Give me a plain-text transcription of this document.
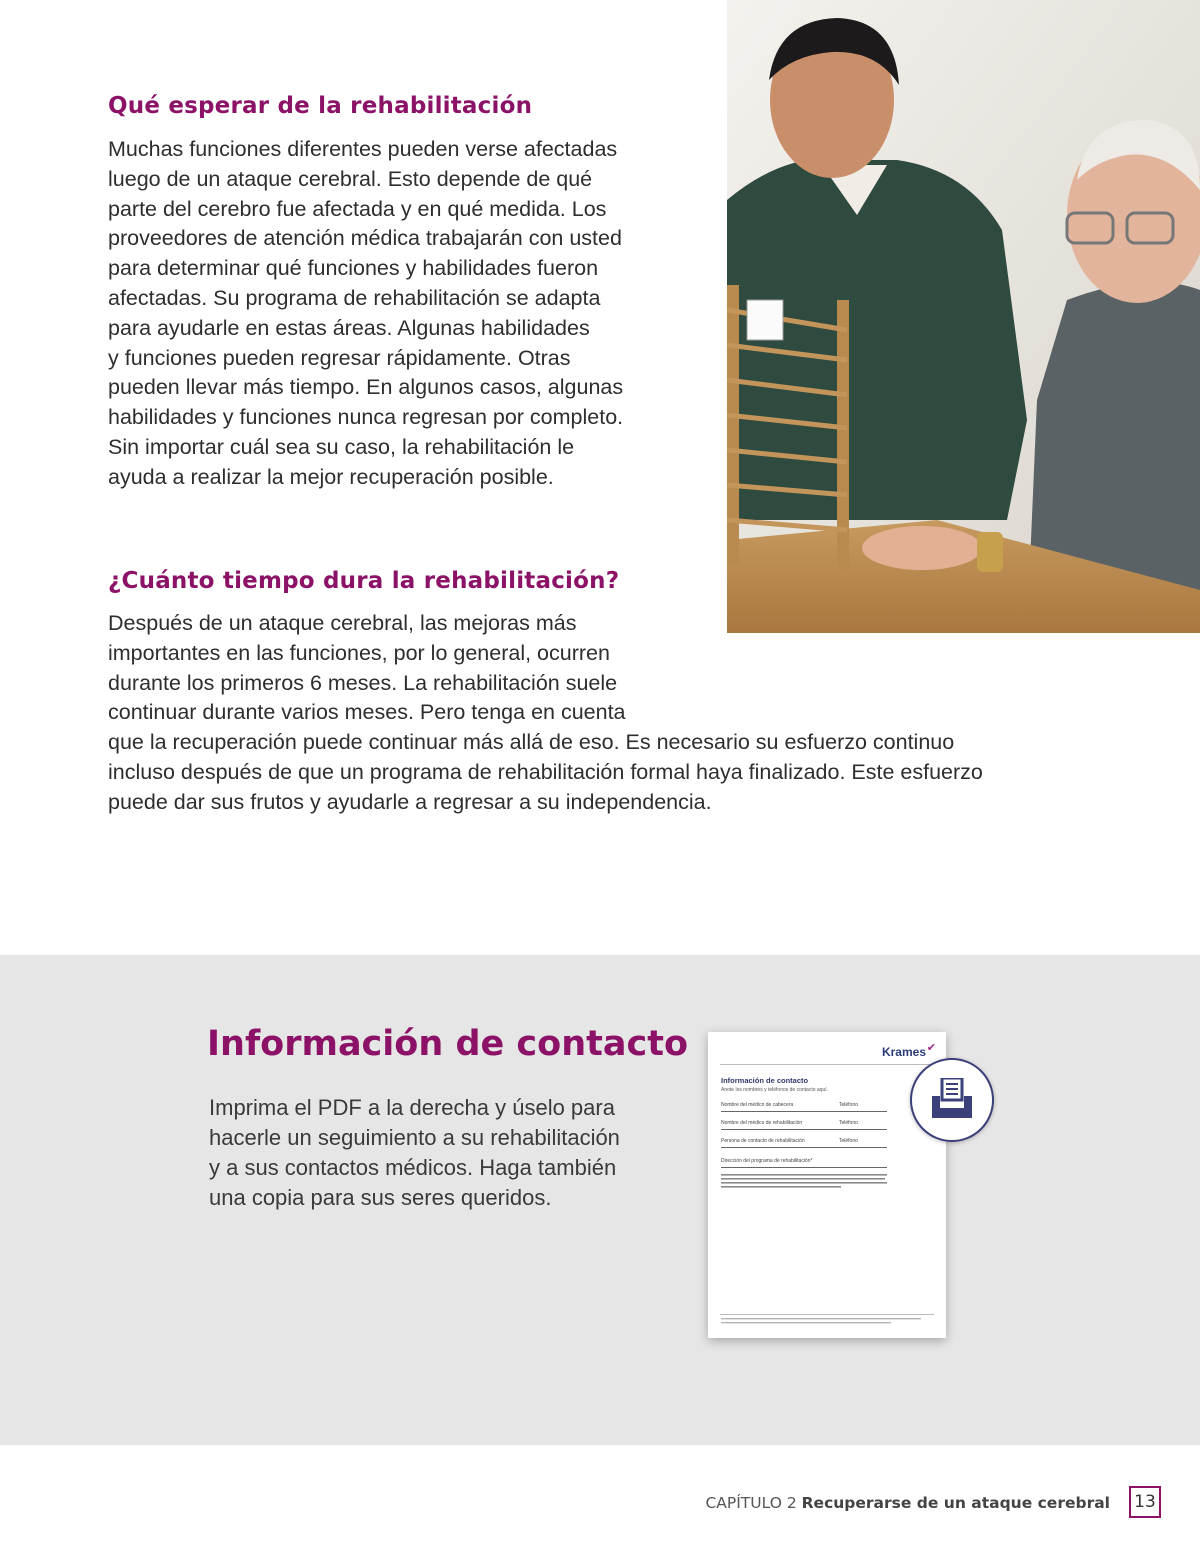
Qué esperar de la rehabilitación
Muchas funciones diferentes pueden verse afectadas
luego de un ataque cerebral. Esto depende de qué
parte del cerebro fue afectada y en qué medida. Los
proveedores de atención médica trabajarán con usted
para determinar qué funciones y habilidades fueron
afectadas. Su programa de rehabilitación se adapta
para ayudarle en estas áreas. Algunas habilidades
y funciones pueden regresar rápidamente. Otras
pueden llevar más tiempo. En algunos casos, algunas
habilidades y funciones nunca regresan por completo.
Sin importar cuál sea su caso, la rehabilitación le
ayuda a realizar la mejor recuperación posible.
¿Cuánto tiempo dura la rehabilitación?
Después de un ataque cerebral, las mejoras más
importantes en las funciones, por lo general, ocurren
durante los primeros 6 meses. La rehabilitación suele
continuar durante varios meses. Pero tenga en cuenta
que la recuperación puede continuar más allá de eso. Es necesario su esfuerzo continuo
incluso después de que un programa de rehabilitación formal haya finalizado. Este esfuerzo
puede dar sus frutos y ayudarle a regresar a su independencia.
Información de contacto
Imprima el PDF a la derecha y úselo para
hacerle un seguimiento a su rehabilitación
y a sus contactos médicos. Haga también
una copia para sus seres queridos.
Krames ✔
Información de contacto
Anote los nombres y teléfonos de contacto aquí.
Nombre del médico de cabecera	Teléfono
Nombre del médico de rehabilitación	Teléfono
Persona de contacto de rehabilitación	Teléfono
Dirección del programa de rehabilitación*
CAPÍTULO 2 Recuperarse de un ataque cerebral	13
